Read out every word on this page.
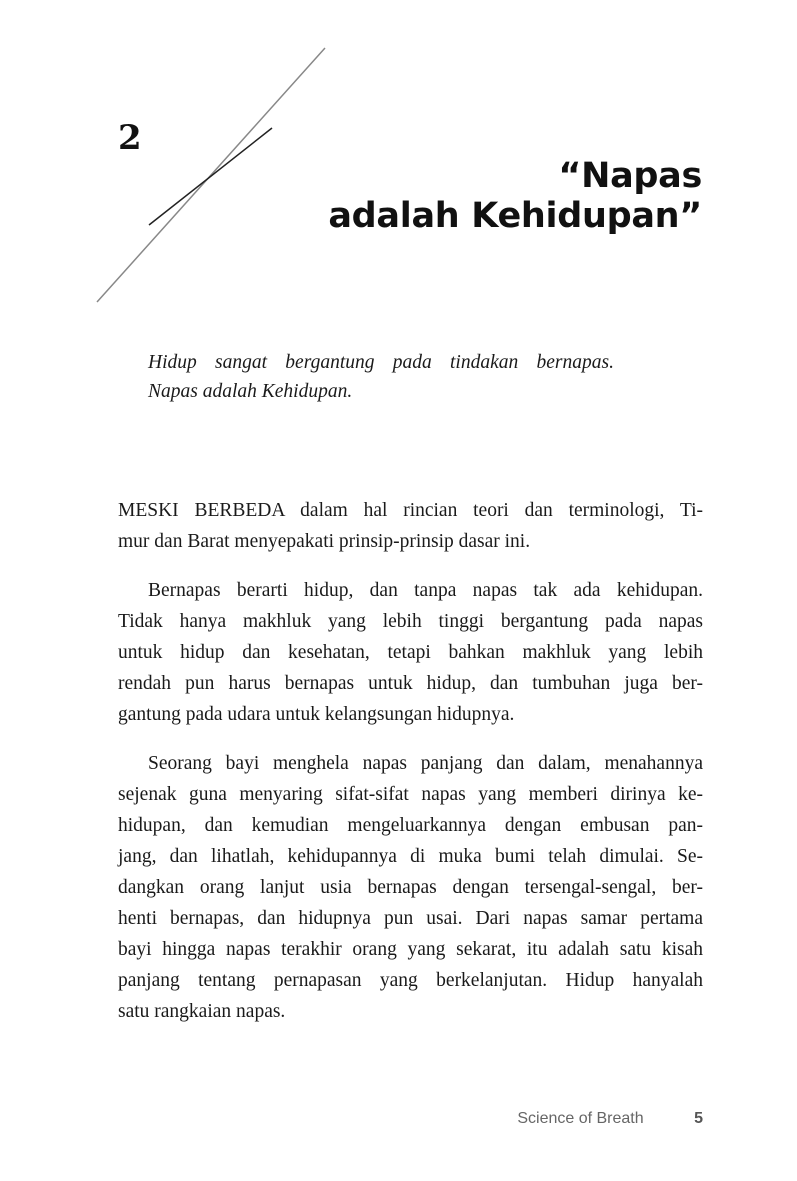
2
“Napas
adalah Kehidupan”
Hidup sangat bergantung pada tindakan bernapas.
Napas adalah Kehidupan.
MESKI BERBEDA dalam hal rincian teori dan terminologi, Ti-
mur dan Barat menyepakati prinsip-prinsip dasar ini.
Bernapas berarti hidup, dan tanpa napas tak ada kehidupan.
Tidak hanya makhluk yang lebih tinggi bergantung pada napas
untuk hidup dan kesehatan, tetapi bahkan makhluk yang lebih
rendah pun harus bernapas untuk hidup, dan tumbuhan juga ber-
gantung pada udara untuk kelangsungan hidupnya.
Seorang bayi menghela napas panjang dan dalam, menahannya
sejenak guna menyaring sifat-sifat napas yang memberi dirinya ke-
hidupan, dan kemudian mengeluarkannya dengan embusan pan-
jang, dan lihatlah, kehidupannya di muka bumi telah dimulai. Se-
dangkan orang lanjut usia bernapas dengan tersengal-sengal, ber-
henti bernapas, dan hidupnya pun usai. Dari napas samar pertama
bayi hingga napas terakhir orang yang sekarat, itu adalah satu kisah
panjang tentang pernapasan yang berkelanjutan. Hidup hanyalah
satu rangkaian napas.
Science of Breath	5
